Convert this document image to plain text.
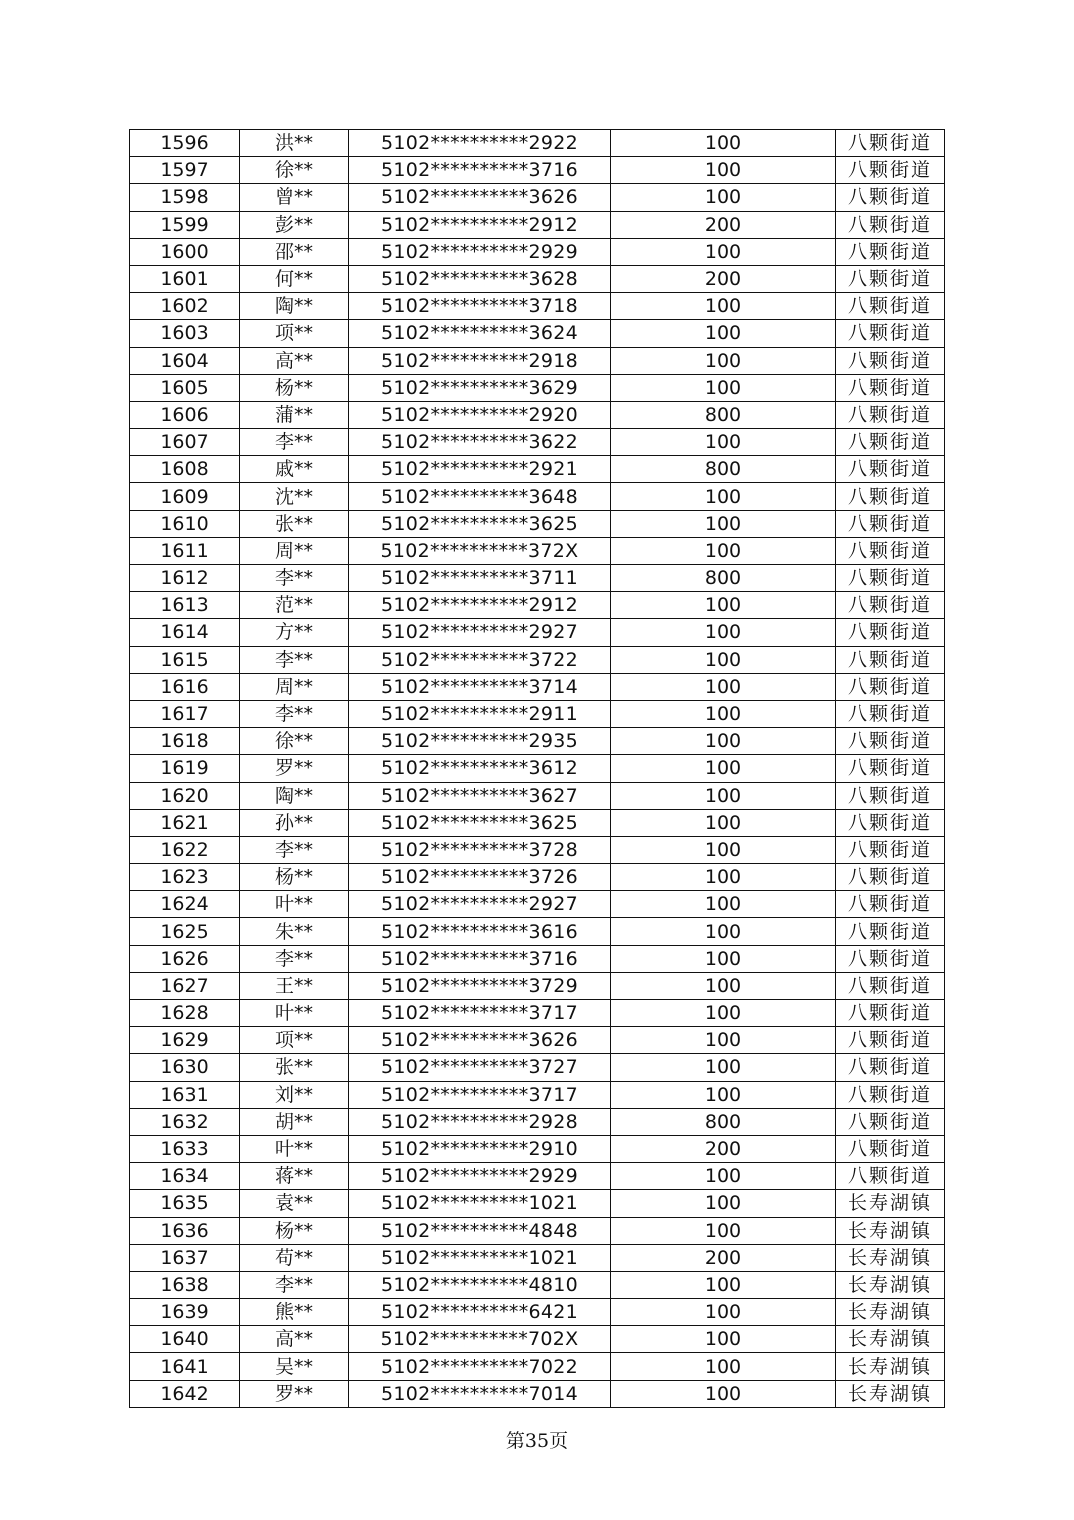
1596	洪**	5102**********2922	100	八颗街道
1597	徐**	5102**********3716	100	八颗街道
1598	曾**	5102**********3626	100	八颗街道
1599	彭**	5102**********2912	200	八颗街道
1600	邵**	5102**********2929	100	八颗街道
1601	何**	5102**********3628	200	八颗街道
1602	陶**	5102**********3718	100	八颗街道
1603	项**	5102**********3624	100	八颗街道
1604	高**	5102**********2918	100	八颗街道
1605	杨**	5102**********3629	100	八颗街道
1606	蒲**	5102**********2920	800	八颗街道
1607	李**	5102**********3622	100	八颗街道
1608	戚**	5102**********2921	800	八颗街道
1609	沈**	5102**********3648	100	八颗街道
1610	张**	5102**********3625	100	八颗街道
1611	周**	5102**********372X	100	八颗街道
1612	李**	5102**********3711	800	八颗街道
1613	范**	5102**********2912	100	八颗街道
1614	方**	5102**********2927	100	八颗街道
1615	李**	5102**********3722	100	八颗街道
1616	周**	5102**********3714	100	八颗街道
1617	李**	5102**********2911	100	八颗街道
1618	徐**	5102**********2935	100	八颗街道
1619	罗**	5102**********3612	100	八颗街道
1620	陶**	5102**********3627	100	八颗街道
1621	孙**	5102**********3625	100	八颗街道
1622	李**	5102**********3728	100	八颗街道
1623	杨**	5102**********3726	100	八颗街道
1624	叶**	5102**********2927	100	八颗街道
1625	朱**	5102**********3616	100	八颗街道
1626	李**	5102**********3716	100	八颗街道
1627	王**	5102**********3729	100	八颗街道
1628	叶**	5102**********3717	100	八颗街道
1629	项**	5102**********3626	100	八颗街道
1630	张**	5102**********3727	100	八颗街道
1631	刘**	5102**********3717	100	八颗街道
1632	胡**	5102**********2928	800	八颗街道
1633	叶**	5102**********2910	200	八颗街道
1634	蒋**	5102**********2929	100	八颗街道
1635	袁**	5102**********1021	100	长寿湖镇
1636	杨**	5102**********4848	100	长寿湖镇
1637	苟**	5102**********1021	200	长寿湖镇
1638	李**	5102**********4810	100	长寿湖镇
1639	熊**	5102**********6421	100	长寿湖镇
1640	高**	5102**********702X	100	长寿湖镇
1641	吴**	5102**********7022	100	长寿湖镇
1642	罗**	5102**********7014	100	长寿湖镇
第35页
